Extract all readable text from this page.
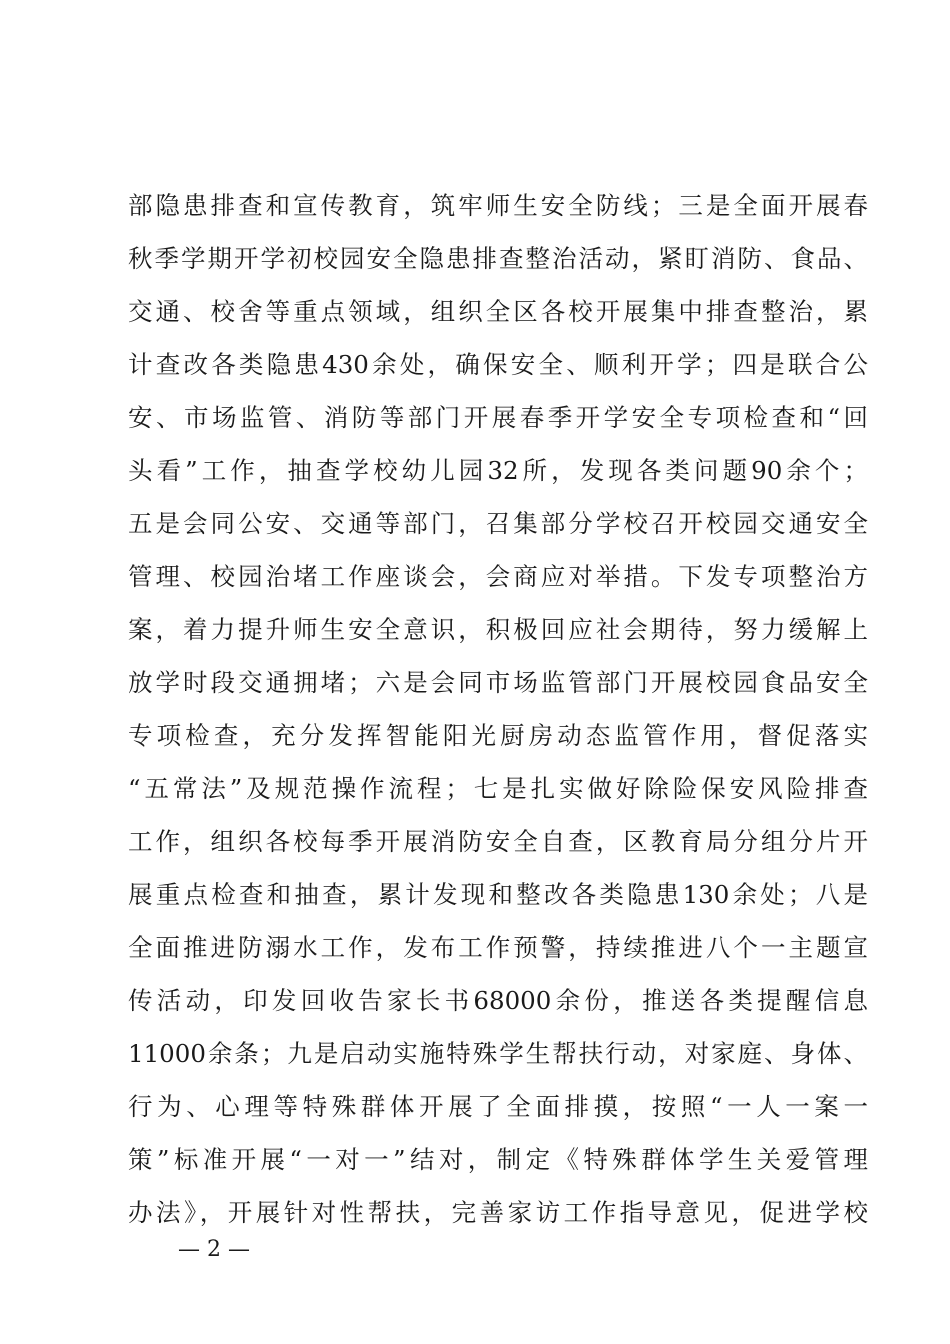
部隐患排查和宣传教育，筑牢师生安全防线；三是全面开展春
秋季学期开学初校园安全隐患排查整治活动，紧盯消防、食品、
交通、校舍等重点领域，组织全区各校开展集中排查整治，累
计查改各类隐患430余处，确保安全、顺利开学；四是联合公
安、市场监管、消防等部门开展春季开学安全专项检查和“回
头看”工作，抽查学校幼儿园32所，发现各类问题90余个；
五是会同公安、交通等部门，召集部分学校召开校园交通安全
管理、校园治堵工作座谈会，会商应对举措。下发专项整治方
案，着力提升师生安全意识，积极回应社会期待，努力缓解上
放学时段交通拥堵；六是会同市场监管部门开展校园食品安全
专项检查，充分发挥智能阳光厨房动态监管作用，督促落实
“五常法”及规范操作流程；七是扎实做好除险保安风险排查
工作，组织各校每季开展消防安全自查，区教育局分组分片开
展重点检查和抽查，累计发现和整改各类隐患130余处；八是
全面推进防溺水工作，发布工作预警，持续推进八个一主题宣
传活动，印发回收告家长书68000余份，推送各类提醒信息
11000余条；九是启动实施特殊学生帮扶行动，对家庭、身体、
行为、心理等特殊群体开展了全面排摸，按照“一人一案一
策”标准开展“一对一”结对，制定《特殊群体学生关爱管理
办法》，开展针对性帮扶，完善家访工作指导意见，促进学校
— 2 —
